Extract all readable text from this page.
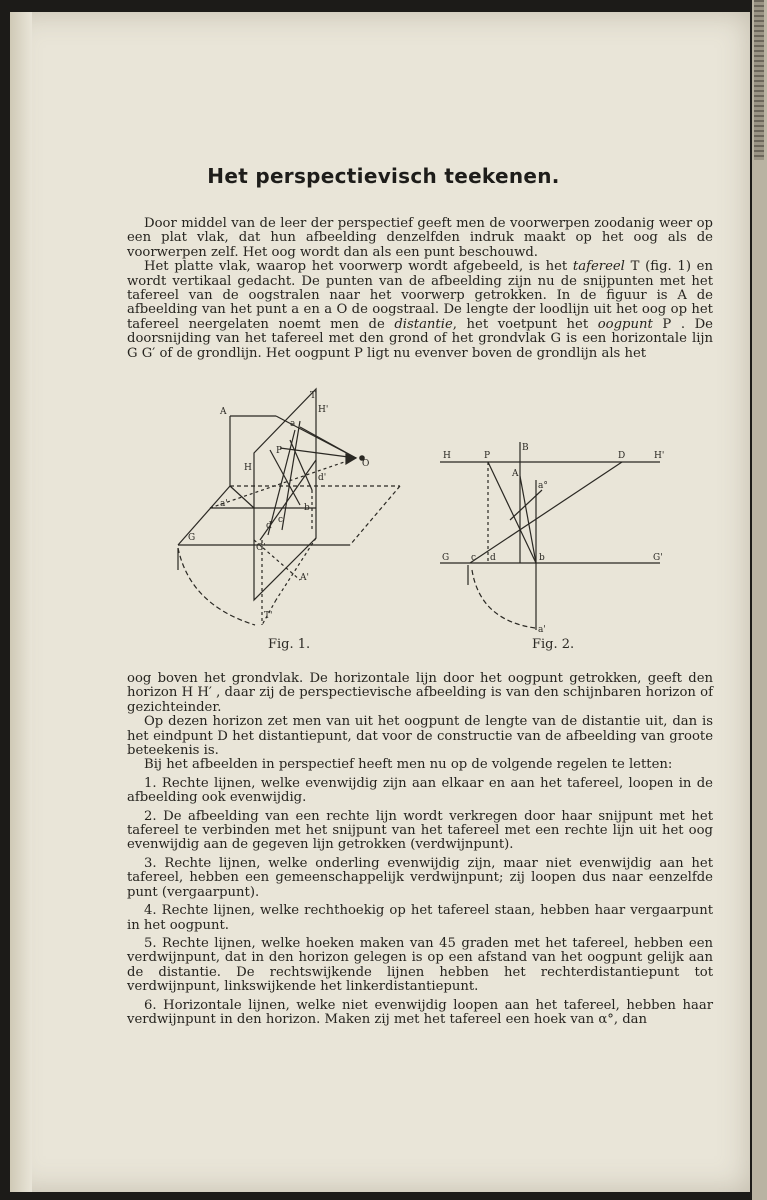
Het perspectievisch teekenen.

Door middel van de leer der perspectief geeft men de voorwerpen zoodanig weer op een plat vlak, dat hun afbeelding denzelfden indruk maakt op het oog als de voorwerpen zelf. Het oog wordt dan als een punt beschouwd.

Het platte vlak, waarop het voorwerp wordt afgebeeld, is het tafereel T (fig. 1) en wordt vertikaal gedacht. De punten van de afbeelding zijn nu de snijpunten met het tafereel van de oogstralen naar het voorwerp getrokken. In de figuur is A de afbeelding van het punt a en a O de oogstraal. De lengte der loodlijn uit het oog op het tafereel neergelaten noemt men de distantie, het voetpunt het oogpunt P . De doorsnijding van het tafereel met den grond of het grondvlak G is een horizontale lijn G G′ of de grondlijn. Het oogpunt P ligt nu evenver boven de grondlijn als het

A
T
H'
H
P
O
a
G
G'
d'
A'
b
a'
c
d
T'
H	P
B
D	H'
A
a°
G c d	b	G'
a'
Fig. 1.	Fig. 2.

oog boven het grondvlak. De horizontale lijn door het oogpunt getrokken, geeft den horizon H H′ , daar zij de perspectievische afbeelding is van den schijnbaren horizon of gezichteinder.

Op dezen horizon zet men van uit het oogpunt de lengte van de distantie uit, dan is het eindpunt D het distantiepunt, dat voor de constructie van de afbeelding van groote beteekenis is.

Bij het afbeelden in perspectief heeft men nu op de volgende regelen te letten:

1. Rechte lijnen, welke evenwijdig zijn aan elkaar en aan het tafereel, loopen in de afbeelding ook evenwijdig.

2. De afbeelding van een rechte lijn wordt verkregen door haar snijpunt met het tafereel te verbinden met het snijpunt van het tafereel met een rechte lijn uit het oog evenwijdig aan de gegeven lijn getrokken (verdwijnpunt).

3. Rechte lijnen, welke onderling evenwijdig zijn, maar niet evenwijdig aan het tafereel, hebben een gemeenschappelijk verdwijnpunt; zij loopen dus naar eenzelfde punt (vergaarpunt).

4. Rechte lijnen, welke rechthoekig op het tafereel staan, hebben haar vergaarpunt in het oogpunt.

5. Rechte lijnen, welke hoeken maken van 45 graden met het tafereel, hebben een verdwijnpunt, dat in den horizon gelegen is op een afstand van het oogpunt gelijk aan de distantie. De rechtswijkende lijnen hebben het rechterdistantiepunt tot verdwijnpunt, linkswijkende het linkerdistantiepunt.

6. Horizontale lijnen, welke niet evenwijdig loopen aan het tafereel, hebben haar verdwijnpunt in den horizon. Maken zij met het tafereel een hoek van α°, dan
